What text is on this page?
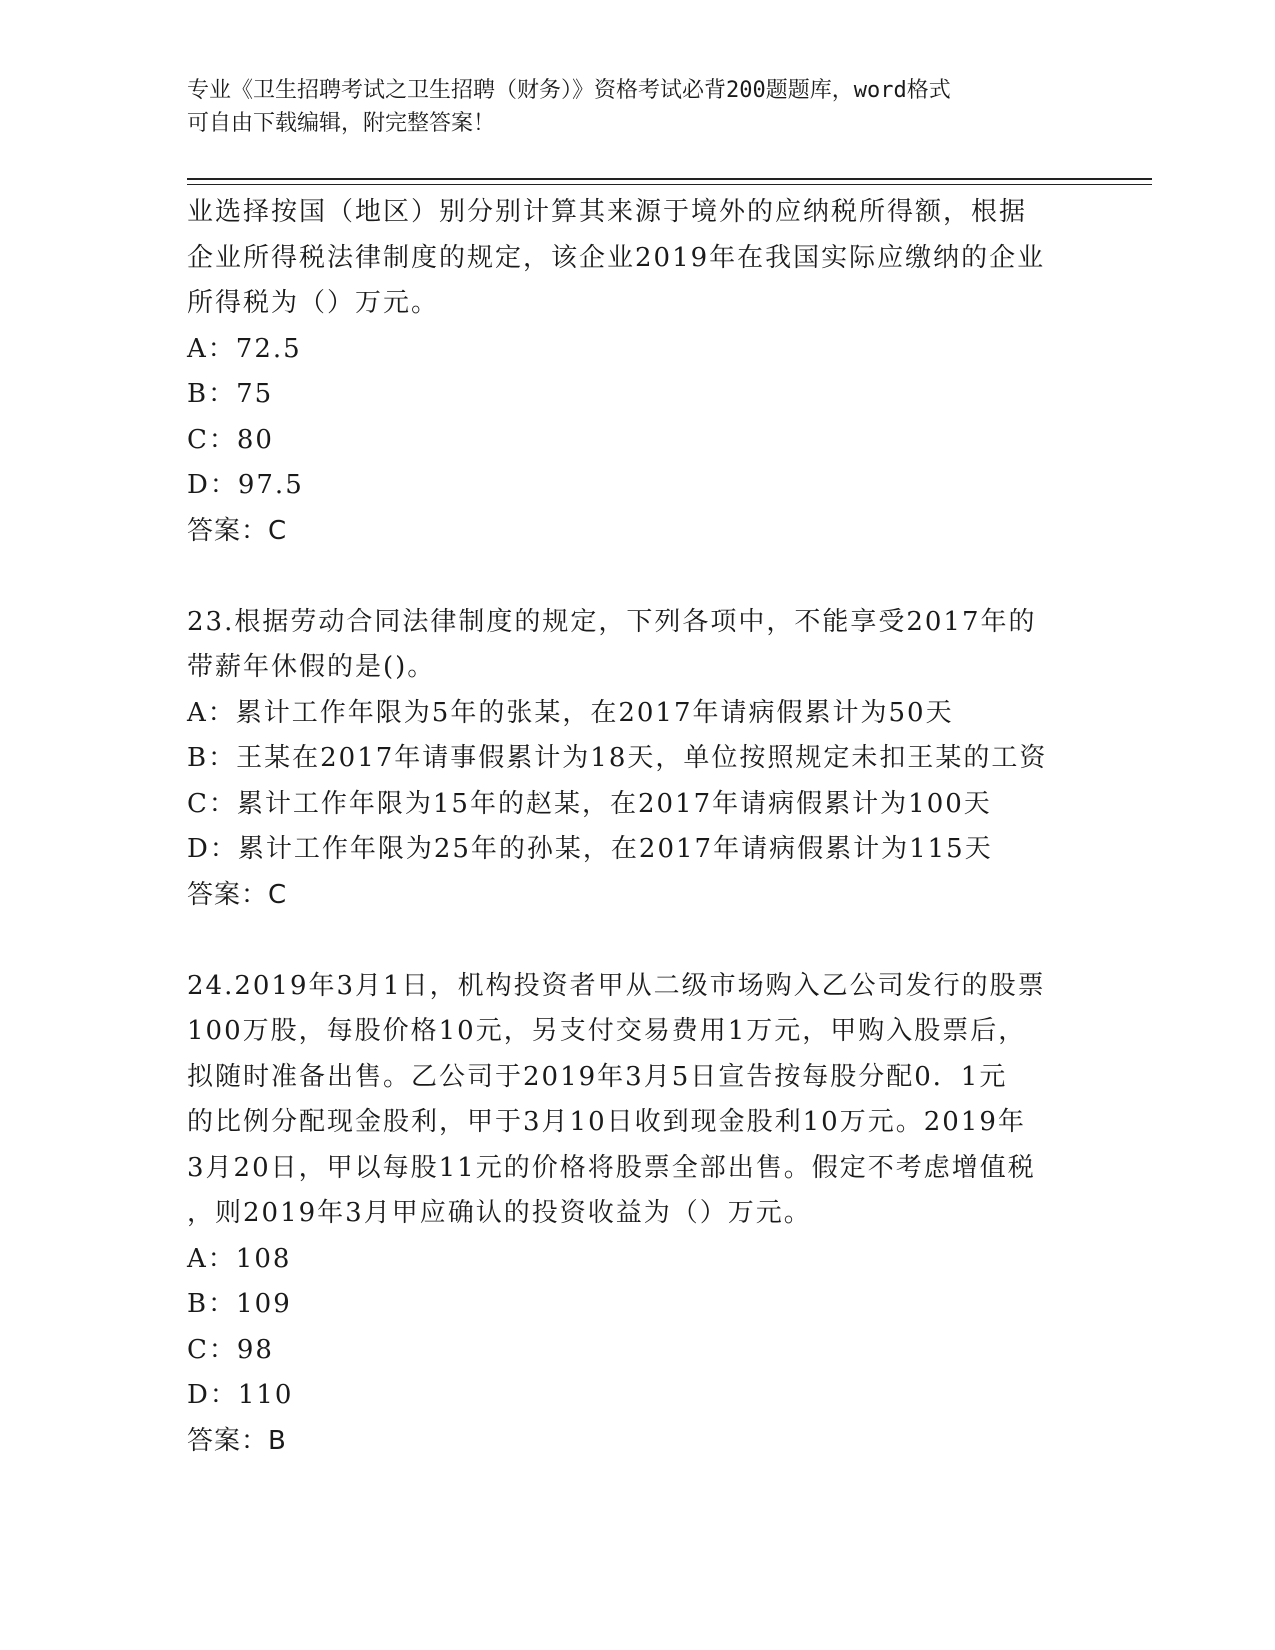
专业《卫生招聘考试之卫生招聘（财务）》资格考试必背200题题库，word格式
可自由下载编辑，附完整答案！
业选择按国（地区）别分别计算其来源于境外的应纳税所得额，根据
企业所得税法律制度的规定，该企业2019年在我国实际应缴纳的企业
所得税为（）万元。
A：72.5
B：75
C：80
D：97.5
答案：C
23.根据劳动合同法律制度的规定，下列各项中，不能享受2017年的
带薪年休假的是()。
A：累计工作年限为5年的张某，在2017年请病假累计为50天
B：王某在2017年请事假累计为18天，单位按照规定未扣王某的工资
C：累计工作年限为15年的赵某，在2017年请病假累计为100天
D：累计工作年限为25年的孙某，在2017年请病假累计为115天
答案：C
24.2019年3月1日，机构投资者甲从二级市场购入乙公司发行的股票
100万股，每股价格10元，另支付交易费用1万元，甲购入股票后，
拟随时准备出售。乙公司于2019年3月5日宣告按每股分配0．1元
的比例分配现金股利，甲于3月10日收到现金股利10万元。2019年
3月20日，甲以每股11元的价格将股票全部出售。假定不考虑增值税
，则2019年3月甲应确认的投资收益为（）万元。
A：108
B：109
C：98
D：110
答案：B
